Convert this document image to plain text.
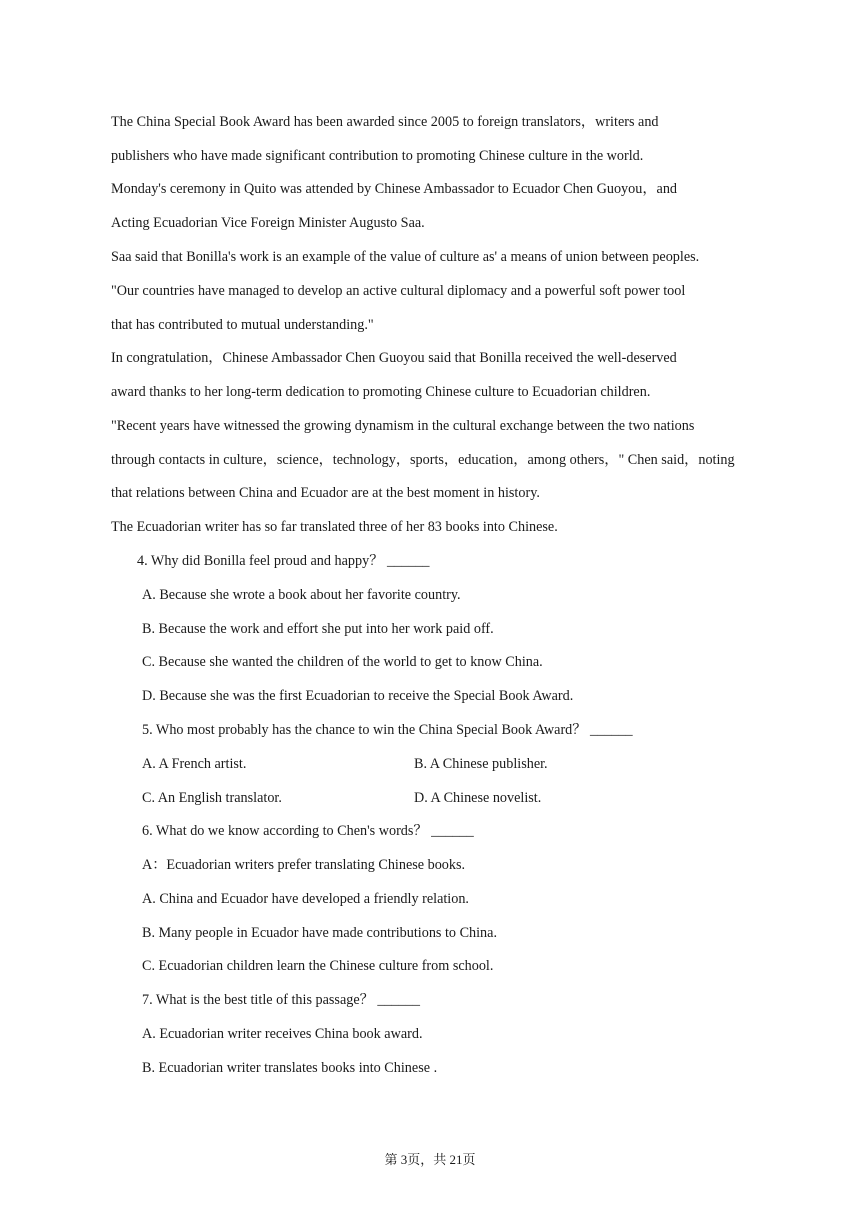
The China Special Book Award has been awarded since 2005 to foreign translators，writers and
publishers who have made significant contribution to promoting Chinese culture in the world.
Monday's ceremony in Quito was attended by Chinese Ambassador to Ecuador Chen Guoyou，and
Acting Ecuadorian Vice Foreign Minister Augusto Saa.
Saa said that Bonilla's work is an example of the value of culture as' a means of union between peoples.
"Our countries have managed to develop an active cultural diplomacy and a powerful soft power tool
that has contributed to mutual understanding."
In congratulation，Chinese Ambassador Chen Guoyou said that Bonilla received the well-deserved
award thanks to her long-term dedication to promoting Chinese culture to Ecuadorian children.
"Recent years have witnessed the growing dynamism in the cultural exchange between the two nations
through contacts in culture，science，technology，sports，education，among others，" Chen said，noting
that relations between China and Ecuador are at the best moment in history.
The Ecuadorian writer has so far translated three of her 83 books into Chinese.
4. Why did Bonilla feel proud and happy？ ______
A. Because she wrote a book about her favorite country.
B. Because the work and effort she put into her work paid off.
C. Because she wanted the children of the world to get to know China.
D. Because she was the first Ecuadorian to receive the Special Book Award.
5. Who most probably has the chance to win the China Special Book Award？ ______
A. A French artist.	B. A Chinese publisher.
C. An English translator.	D. A Chinese novelist.
6. What do we know according to Chen's words？ ______
A：Ecuadorian writers prefer translating Chinese books.
A. China and Ecuador have developed a friendly relation.
B. Many people in Ecuador have made contributions to China.
C. Ecuadorian children learn the Chinese culture from school.
7. What is the best title of this passage？ ______
A. Ecuadorian writer receives China book award.
B. Ecuadorian writer translates books into Chinese .
第 3页，共 21页
